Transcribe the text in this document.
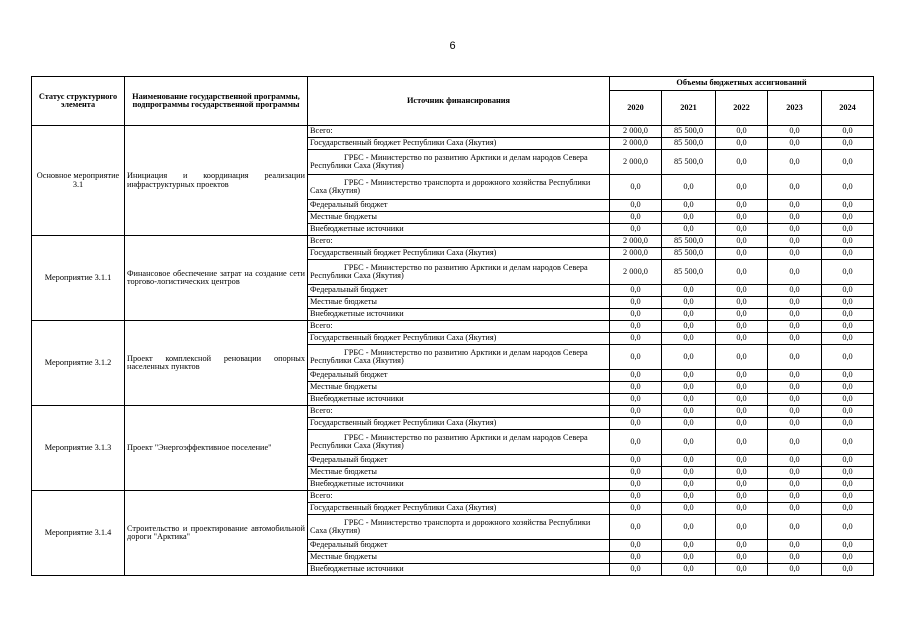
6
Статус структурного элемента	Наименование государственной программы, подпрограммы государственной программы	Источник финансирования	Объемы бюджетных ассигнований				
			2020	2021	2022	2023	2024
Основное мероприятие 3.1	Инициация и координация реализации инфраструктурных проектов	Всего:	2 000,0	85 500,0	0,0	0,0	0,0
		Государственный бюджет Республики Саха (Якутия)	2 000,0	85 500,0	0,0	0,0	0,0
		ГРБС - Министерство по развитию Арктики и делам народов Севера Республики Саха (Якутия)	2 000,0	85 500,0	0,0	0,0	0,0
		ГРБС - Министерство транспорта и дорожного хозяйства Республики Саха (Якутия)	0,0	0,0	0,0	0,0	0,0
		Федеральный бюджет	0,0	0,0	0,0	0,0	0,0
		Местные бюджеты	0,0	0,0	0,0	0,0	0,0
		Внебюджетные источники	0,0	0,0	0,0	0,0	0,0
Мероприятие 3.1.1	Финансовое обеспечение затрат на создание сети торгово-логистических центров	Всего:	2 000,0	85 500,0	0,0	0,0	0,0
		Государственный бюджет Республики Саха (Якутия)	2 000,0	85 500,0	0,0	0,0	0,0
		ГРБС - Министерство по развитию Арктики и делам народов Севера Республики Саха (Якутия)	2 000,0	85 500,0	0,0	0,0	0,0
		Федеральный бюджет	0,0	0,0	0,0	0,0	0,0
		Местные бюджеты	0,0	0,0	0,0	0,0	0,0
		Внебюджетные источники	0,0	0,0	0,0	0,0	0,0
Мероприятие 3.1.2	Проект комплексной реновации опорных населенных пунктов	Всего:	0,0	0,0	0,0	0,0	0,0
		Государственный бюджет Республики Саха (Якутия)	0,0	0,0	0,0	0,0	0,0
		ГРБС - Министерство по развитию Арктики и делам народов Севера Республики Саха (Якутия)	0,0	0,0	0,0	0,0	0,0
		Федеральный бюджет	0,0	0,0	0,0	0,0	0,0
		Местные бюджеты	0,0	0,0	0,0	0,0	0,0
		Внебюджетные источники	0,0	0,0	0,0	0,0	0,0
Мероприятие 3.1.3	Проект "Энергоэффективное поселение"	Всего:	0,0	0,0	0,0	0,0	0,0
		Государственный бюджет Республики Саха (Якутия)	0,0	0,0	0,0	0,0	0,0
		ГРБС - Министерство по развитию Арктики и делам народов Севера Республики Саха (Якутия)	0,0	0,0	0,0	0,0	0,0
		Федеральный бюджет	0,0	0,0	0,0	0,0	0,0
		Местные бюджеты	0,0	0,0	0,0	0,0	0,0
		Внебюджетные источники	0,0	0,0	0,0	0,0	0,0
Мероприятие 3.1.4	Строительство и проектирование автомобильной дороги "Арктика"	Всего:	0,0	0,0	0,0	0,0	0,0
		Государственный бюджет Республики Саха (Якутия)	0,0	0,0	0,0	0,0	0,0
		ГРБС - Министерство транспорта и дорожного хозяйства Республики Саха (Якутия)	0,0	0,0	0,0	0,0	0,0
		Федеральный бюджет	0,0	0,0	0,0	0,0	0,0
		Местные бюджеты	0,0	0,0	0,0	0,0	0,0
		Внебюджетные источники	0,0	0,0	0,0	0,0	0,0
